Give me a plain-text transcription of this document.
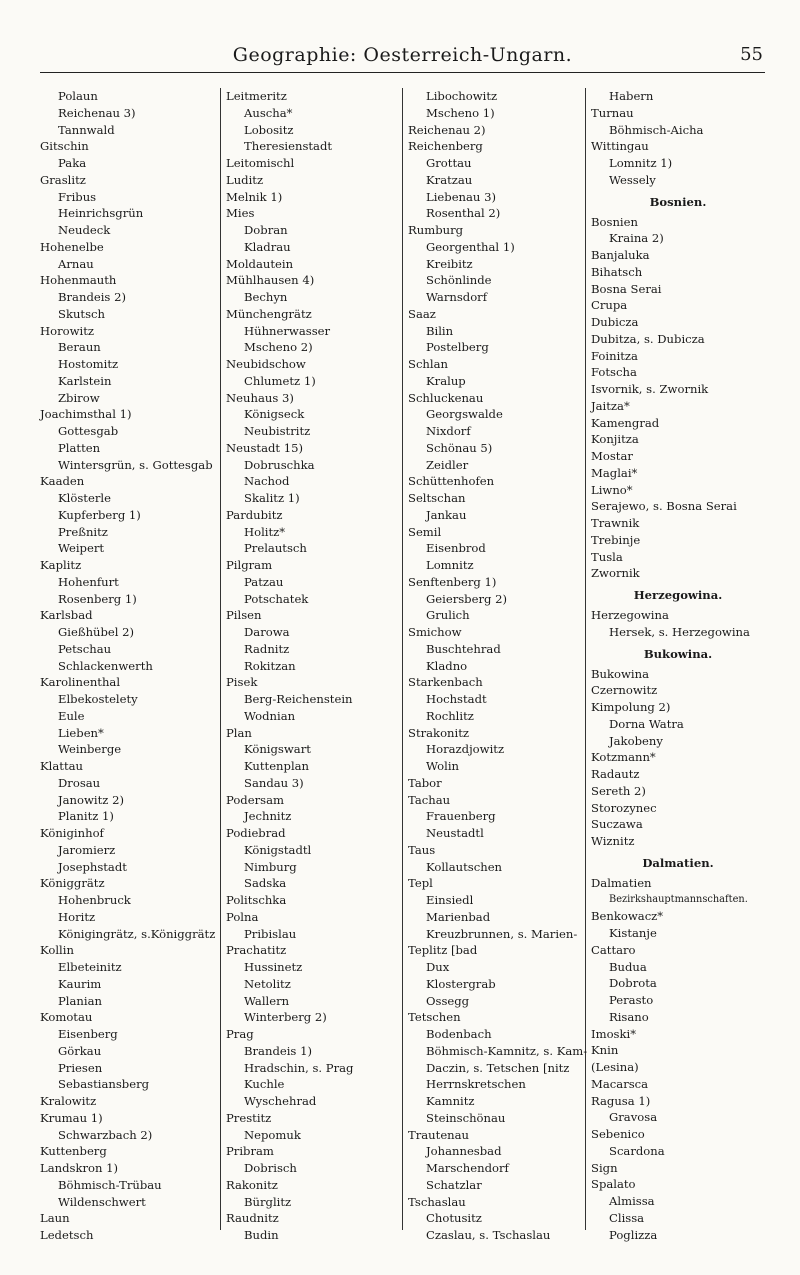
Geographie: Oesterreich-Ungarn.	55
Polaun
Reichenau 3)
Tannwald
Gitschin
Paka
Graslitz
Fribus
Heinrichsgrün
Neudeck
Hohenelbe
Arnau
Hohenmauth
Brandeis 2)
Skutsch
Horowitz
Beraun
Hostomitz
Karlstein
Zbirow
Joachimsthal 1)
Gottesgab
Platten
Wintersgrün, s. Gottesgab
Kaaden
Klösterle
Kupferberg 1)
Preßnitz
Weipert
Kaplitz
Hohenfurt
Rosenberg 1)
Karlsbad
Gießhübel 2)
Petschau
Schlackenwerth
Karolinenthal
Elbekostelety
Eule
Lieben*
Weinberge
Klattau
Drosau
Janowitz 2)
Planitz 1)
Königinhof
Jaromierz
Josephstadt
Königgrätz
Hohenbruck
Horitz
Königingrätz, s.Königgrätz
Kollin
Elbeteinitz
Kaurim
Planian
Komotau
Eisenberg
Görkau
Priesen
Sebastiansberg
Kralowitz
Krumau 1)
Schwarzbach 2)
Kuttenberg
Landskron 1)
Böhmisch-Trübau
Wildenschwert
Laun
Ledetsch
Leitmeritz
Auscha*
Lobositz
Theresienstadt
Leitomischl
Luditz
Melnik 1)
Mies
Dobran
Kladrau
Moldautein
Mühlhausen 4)
Bechyn
Münchengrätz
Hühnerwasser
Mscheno 2)
Neubidschow
Chlumetz 1)
Neuhaus 3)
Königseck
Neubistritz
Neustadt 15)
Dobruschka
Nachod
Skalitz 1)
Pardubitz
Holitz*
Prelautsch
Pilgram
Patzau
Potschatek
Pilsen
Darowa
Radnitz
Rokitzan
Pisek
Berg-Reichenstein
Wodnian
Plan
Königswart
Kuttenplan
Sandau 3)
Podersam
Jechnitz
Podiebrad
Königstadtl
Nimburg
Sadska
Politschka
Polna
Pribislau
Prachatitz
Hussinetz
Netolitz
Wallern
Winterberg 2)
Prag
Brandeis 1)
Hradschin, s. Prag
Kuchle
Wyschehrad
Prestitz
Nepomuk
Pribram
Dobrisch
Rakonitz
Bürglitz
Raudnitz
Budin
Libochowitz
Mscheno 1)
Reichenau 2)
Reichenberg
Grottau
Kratzau
Liebenau 3)
Rosenthal 2)
Rumburg
Georgenthal 1)
Kreibitz
Schönlinde
Warnsdorf
Saaz
Bilin
Postelberg
Schlan
Kralup
Schluckenau
Georgswalde
Nixdorf
Schönau 5)
Zeidler
Schüttenhofen
Seltschan
Jankau
Semil
Eisenbrod
Lomnitz
Senftenberg 1)
Geiersberg 2)
Grulich
Smichow
Buschtehrad
Kladno
Starkenbach
Hochstadt
Rochlitz
Strakonitz
Horazdjowitz
Wolin
Tabor
Tachau
Frauenberg
Neustadtl
Taus
Kollautschen
Tepl
Einsiedl
Marienbad
Kreuzbrunnen, s. Marien-
Teplitz [bad
Dux
Klostergrab
Ossegg
Tetschen
Bodenbach
Böhmisch-Kamnitz, s. Kam-
Daczin, s. Tetschen [nitz
Herrnskretschen
Kamnitz
Steinschönau
Trautenau
Johannesbad
Marschendorf
Schatzlar
Tschaslau
Chotusitz
Czaslau, s. Tschaslau
Habern
Turnau
Böhmisch-Aicha
Wittingau
Lomnitz 1)
Wessely
Bosnien.
Bosnien
Kraina 2)
Banjaluka
Bihatsch
Bosna Serai
Crupa
Dubicza
Dubitza, s. Dubicza
Foinitza
Fotscha
Isvornik, s. Zwornik
Jaitza*
Kamengrad
Konjitza
Mostar
Maglai*
Liwno*
Serajewo, s. Bosna Serai
Trawnik
Trebinje
Tusla
Zwornik
Herzegowina.
Herzegowina
Hersek, s. Herzegowina
Bukowina.
Bukowina
Czernowitz
Kimpolung 2)
Dorna Watra
Jakobeny
Kotzmann*
Radautz
Sereth 2)
Storozynec
Suczawa
Wiznitz
Dalmatien.
Dalmatien
Bezirkshauptmannschaften.
Benkowacz*
Kistanje
Cattaro
Budua
Dobrota
Perasto
Risano
Imoski*
Knin
(Lesina)
Macarsca
Ragusa 1)
Gravosa
Sebenico
Scardona
Sign
Spalato
Almissa
Clissa
Poglizza
